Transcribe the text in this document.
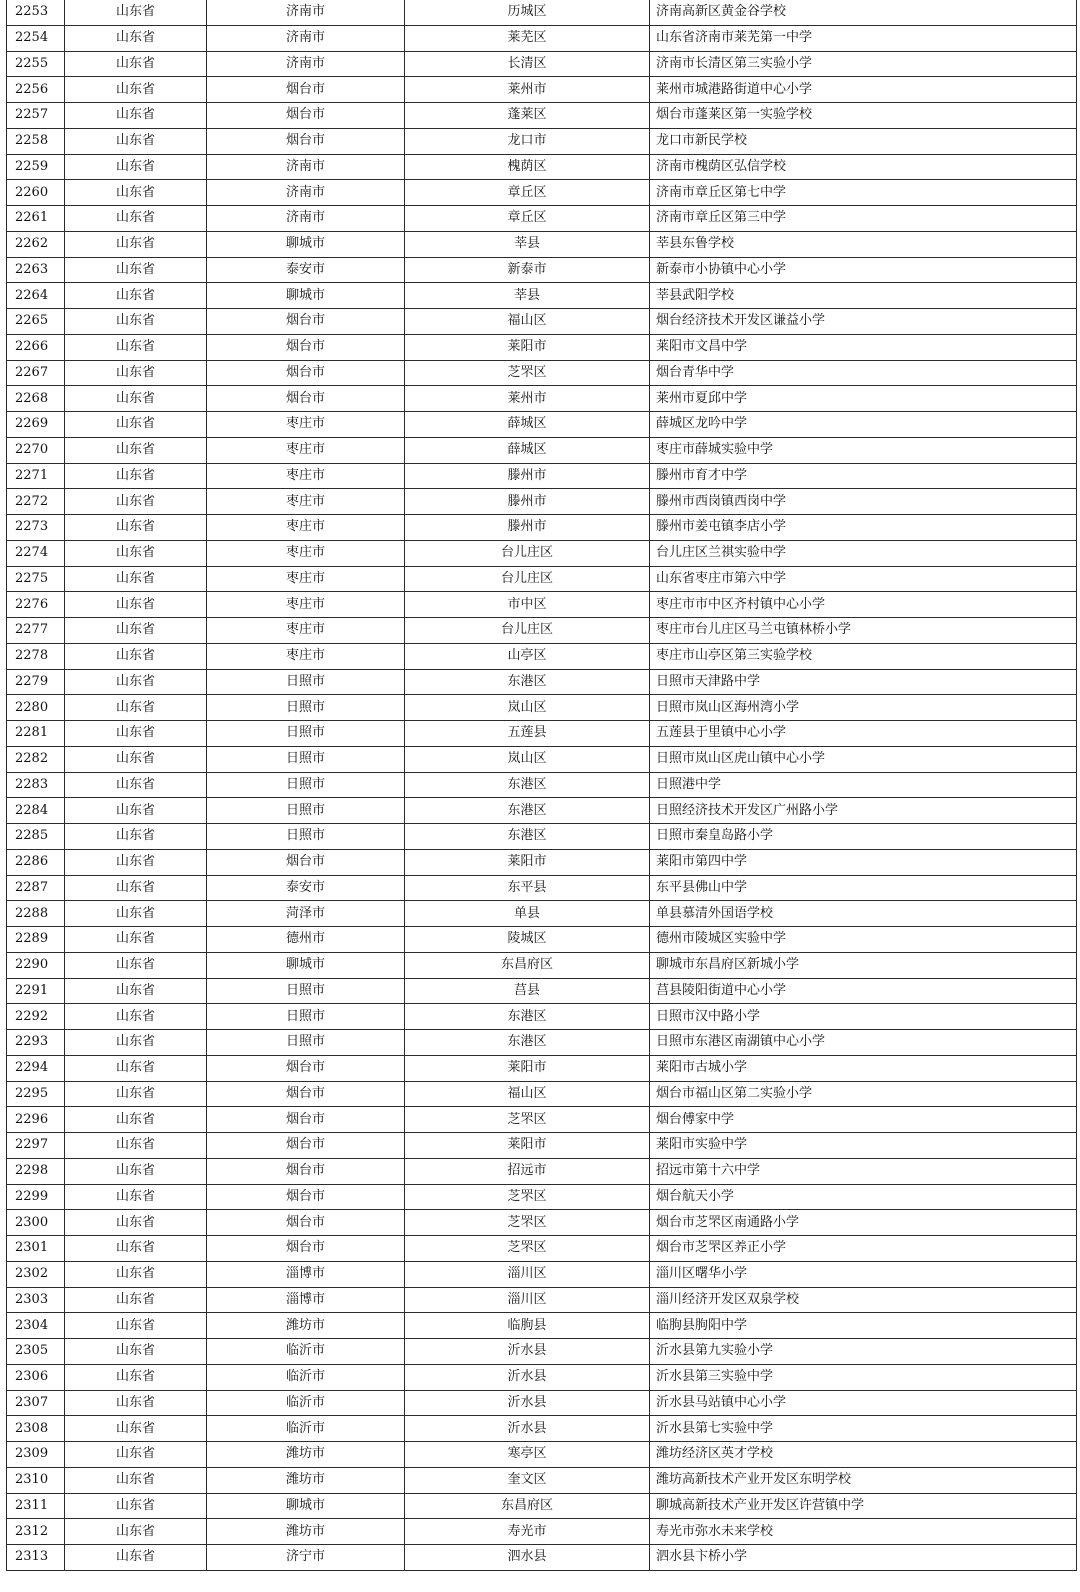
2253	山东省	济南市	历城区	济南高新区黄金谷学校
2254	山东省	济南市	莱芜区	山东省济南市莱芜第一中学
2255	山东省	济南市	长清区	济南市长清区第三实验小学
2256	山东省	烟台市	莱州市	莱州市城港路街道中心小学
2257	山东省	烟台市	蓬莱区	烟台市蓬莱区第一实验学校
2258	山东省	烟台市	龙口市	龙口市新民学校
2259	山东省	济南市	槐荫区	济南市槐荫区弘信学校
2260	山东省	济南市	章丘区	济南市章丘区第七中学
2261	山东省	济南市	章丘区	济南市章丘区第三中学
2262	山东省	聊城市	莘县	莘县东鲁学校
2263	山东省	泰安市	新泰市	新泰市小协镇中心小学
2264	山东省	聊城市	莘县	莘县武阳学校
2265	山东省	烟台市	福山区	烟台经济技术开发区谦益小学
2266	山东省	烟台市	莱阳市	莱阳市文昌中学
2267	山东省	烟台市	芝罘区	烟台青华中学
2268	山东省	烟台市	莱州市	莱州市夏邱中学
2269	山东省	枣庄市	薛城区	薛城区龙吟中学
2270	山东省	枣庄市	薛城区	枣庄市薛城实验中学
2271	山东省	枣庄市	滕州市	滕州市育才中学
2272	山东省	枣庄市	滕州市	滕州市西岗镇西岗中学
2273	山东省	枣庄市	滕州市	滕州市姜屯镇李店小学
2274	山东省	枣庄市	台儿庄区	台儿庄区兰祺实验中学
2275	山东省	枣庄市	台儿庄区	山东省枣庄市第六中学
2276	山东省	枣庄市	市中区	枣庄市市中区齐村镇中心小学
2277	山东省	枣庄市	台儿庄区	枣庄市台儿庄区马兰屯镇林桥小学
2278	山东省	枣庄市	山亭区	枣庄市山亭区第三实验学校
2279	山东省	日照市	东港区	日照市天津路中学
2280	山东省	日照市	岚山区	日照市岚山区海州湾小学
2281	山东省	日照市	五莲县	五莲县于里镇中心小学
2282	山东省	日照市	岚山区	日照市岚山区虎山镇中心小学
2283	山东省	日照市	东港区	日照港中学
2284	山东省	日照市	东港区	日照经济技术开发区广州路小学
2285	山东省	日照市	东港区	日照市秦皇岛路小学
2286	山东省	烟台市	莱阳市	莱阳市第四中学
2287	山东省	泰安市	东平县	东平县佛山中学
2288	山东省	菏泽市	单县	单县慕清外国语学校
2289	山东省	德州市	陵城区	德州市陵城区实验中学
2290	山东省	聊城市	东昌府区	聊城市东昌府区新城小学
2291	山东省	日照市	莒县	莒县陵阳街道中心小学
2292	山东省	日照市	东港区	日照市汉中路小学
2293	山东省	日照市	东港区	日照市东港区南湖镇中心小学
2294	山东省	烟台市	莱阳市	莱阳市古城小学
2295	山东省	烟台市	福山区	烟台市福山区第二实验小学
2296	山东省	烟台市	芝罘区	烟台傅家中学
2297	山东省	烟台市	莱阳市	莱阳市实验中学
2298	山东省	烟台市	招远市	招远市第十六中学
2299	山东省	烟台市	芝罘区	烟台航天小学
2300	山东省	烟台市	芝罘区	烟台市芝罘区南通路小学
2301	山东省	烟台市	芝罘区	烟台市芝罘区养正小学
2302	山东省	淄博市	淄川区	淄川区曙华小学
2303	山东省	淄博市	淄川区	淄川经济开发区双泉学校
2304	山东省	潍坊市	临朐县	临朐县朐阳中学
2305	山东省	临沂市	沂水县	沂水县第九实验小学
2306	山东省	临沂市	沂水县	沂水县第三实验中学
2307	山东省	临沂市	沂水县	沂水县马站镇中心小学
2308	山东省	临沂市	沂水县	沂水县第七实验中学
2309	山东省	潍坊市	寒亭区	潍坊经济区英才学校
2310	山东省	潍坊市	奎文区	潍坊高新技术产业开发区东明学校
2311	山东省	聊城市	东昌府区	聊城高新技术产业开发区许营镇中学
2312	山东省	潍坊市	寿光市	寿光市弥水未来学校
2313	山东省	济宁市	泗水县	泗水县卞桥小学
